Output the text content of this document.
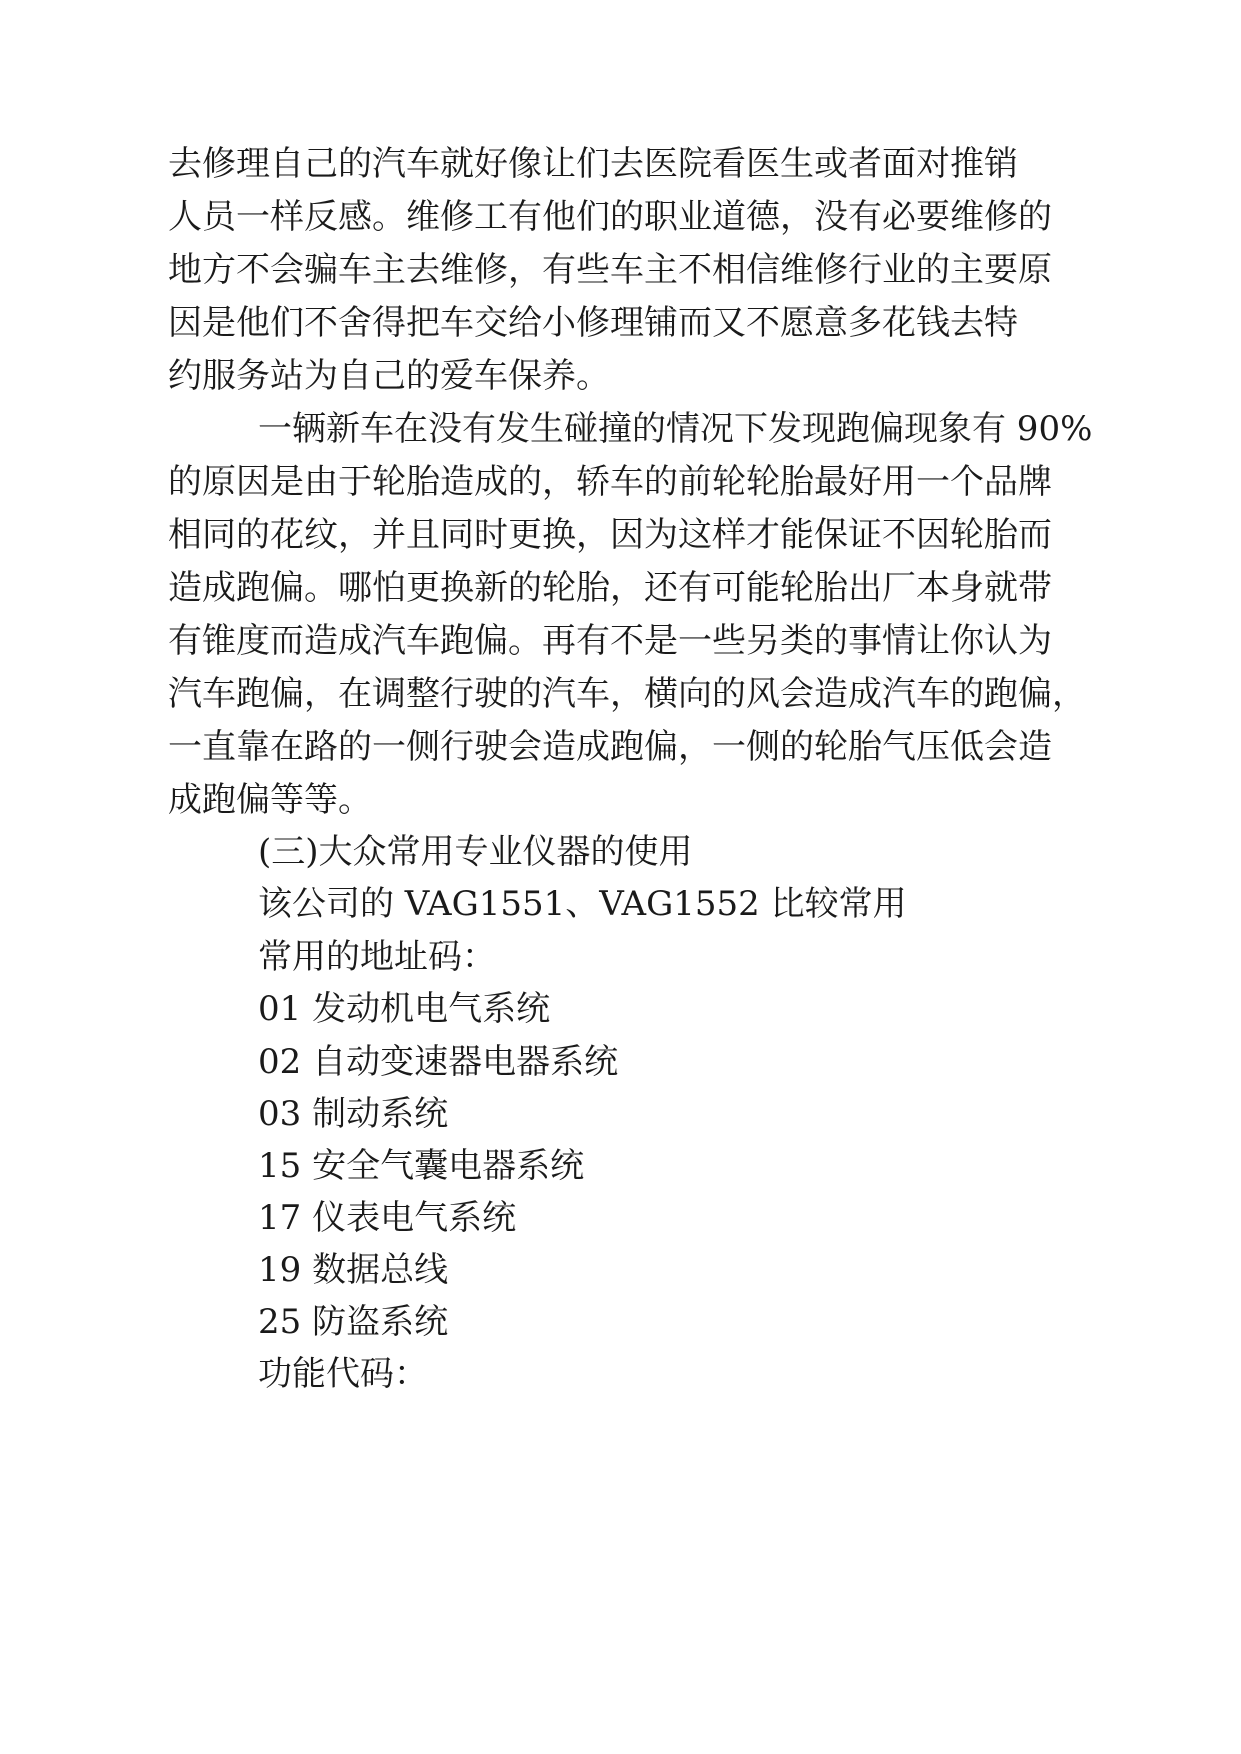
去修理自己的汽车就好像让们去医院看医生或者面对推销
人员一样反感。维修工有他们的职业道德，没有必要维修的
地方不会骗车主去维修，有些车主不相信维修行业的主要原
因是他们不舍得把车交给小修理铺而又不愿意多花钱去特
约服务站为自己的爱车保养。
一辆新车在没有发生碰撞的情况下发现跑偏现象有 90%
的原因是由于轮胎造成的，轿车的前轮轮胎最好用一个品牌
相同的花纹，并且同时更换，因为这样才能保证不因轮胎而
造成跑偏。哪怕更换新的轮胎，还有可能轮胎出厂本身就带
有锥度而造成汽车跑偏。再有不是一些另类的事情让你认为
汽车跑偏，在调整行驶的汽车，横向的风会造成汽车的跑偏，
一直靠在路的一侧行驶会造成跑偏，一侧的轮胎气压低会造
成跑偏等等。
(三)大众常用专业仪器的使用
该公司的 VAG1551、VAG1552 比较常用
常用的地址码：
01 发动机电气系统
02 自动变速器电器系统
03 制动系统
15 安全气囊电器系统
17 仪表电气系统
19 数据总线
25 防盗系统
功能代码：
